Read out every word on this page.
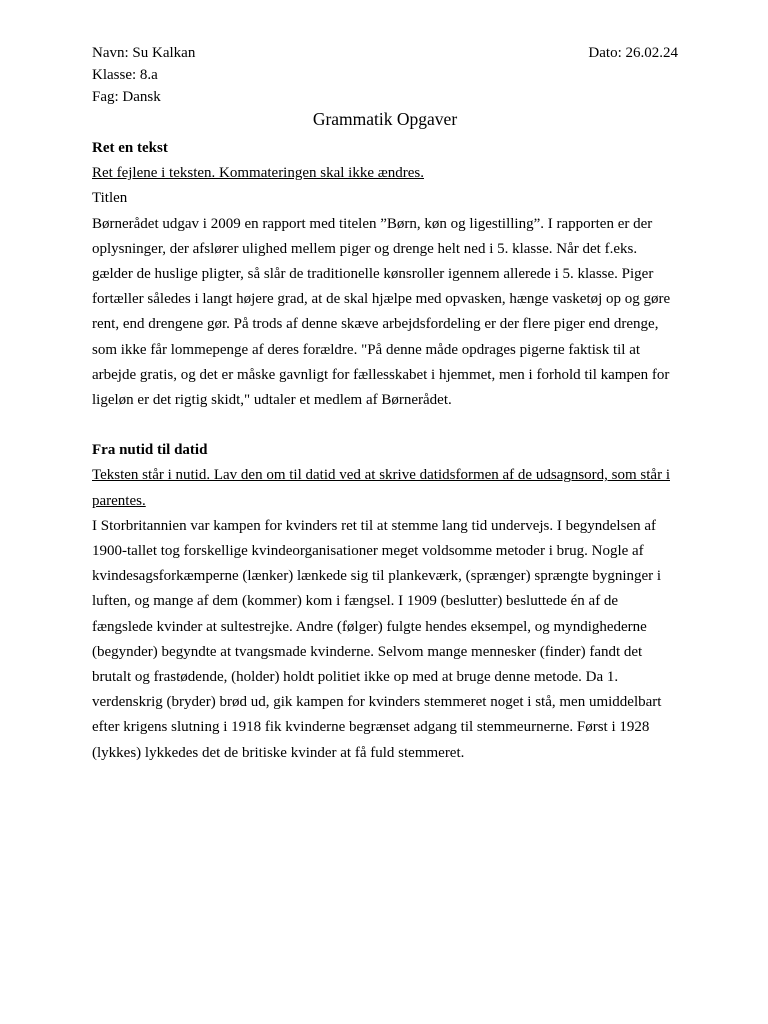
Navn: Su Kalkan	Dato: 26.02.24
Klasse: 8.a
Fag: Dansk
Grammatik Opgaver
Ret en tekst
Ret fejlene i teksten. Kommateringen skal ikke ændres.
Titlen
Børnerådet udgav i 2009 en rapport med titelen ”Børn, køn og ligestilling”. I rapporten er der oplysninger, der afslører ulighed mellem piger og drenge helt ned i 5. klasse. Når det f.eks. gælder de huslige pligter, så slår de traditionelle kønsroller igennem allerede i 5. klasse. Piger fortæller således i langt højere grad, at de skal hjælpe med opvasken, hænge vasketøj op og gøre rent, end drengene gør. På trods af denne skæve arbejdsfordeling er der flere piger end drenge, som ikke får lommepenge af deres forældre. "På denne måde opdrages pigerne faktisk til at arbejde gratis, og det er måske gavnligt for fællesskabet i hjemmet, men i forhold til kampen for ligeløn er det rigtig skidt," udtaler et medlem af Børnerådet.
Fra nutid til datid
Teksten står i nutid. Lav den om til datid ved at skrive datidsformen af de udsagnsord, som står i parentes.
I Storbritannien var kampen for kvinders ret til at stemme lang tid undervejs. I begyndelsen af 1900-tallet tog forskellige kvindeorganisationer meget voldsomme metoder i brug. Nogle af kvindesagsforkæmperne (lænker) lænkede sig til plankeværk, (sprænger) sprængte bygninger i luften, og mange af dem (kommer) kom i fængsel. I 1909 (beslutter) besluttede én af de fængslede kvinder at sultestrejke. Andre (følger) fulgte hendes eksempel, og myndighederne (begynder) begyndte at tvangsmade kvinderne. Selvom mange mennesker (finder) fandt det brutalt og frastødende, (holder) holdt politiet ikke op med at bruge denne metode. Da 1. verdenskrig (bryder) brød ud, gik kampen for kvinders stemmeret noget i stå, men umiddelbart efter krigens slutning i 1918 fik kvinderne begrænset adgang til stemmeurnerne. Først i 1928 (lykkes) lykkedes det de britiske kvinder at få fuld stemmeret.
